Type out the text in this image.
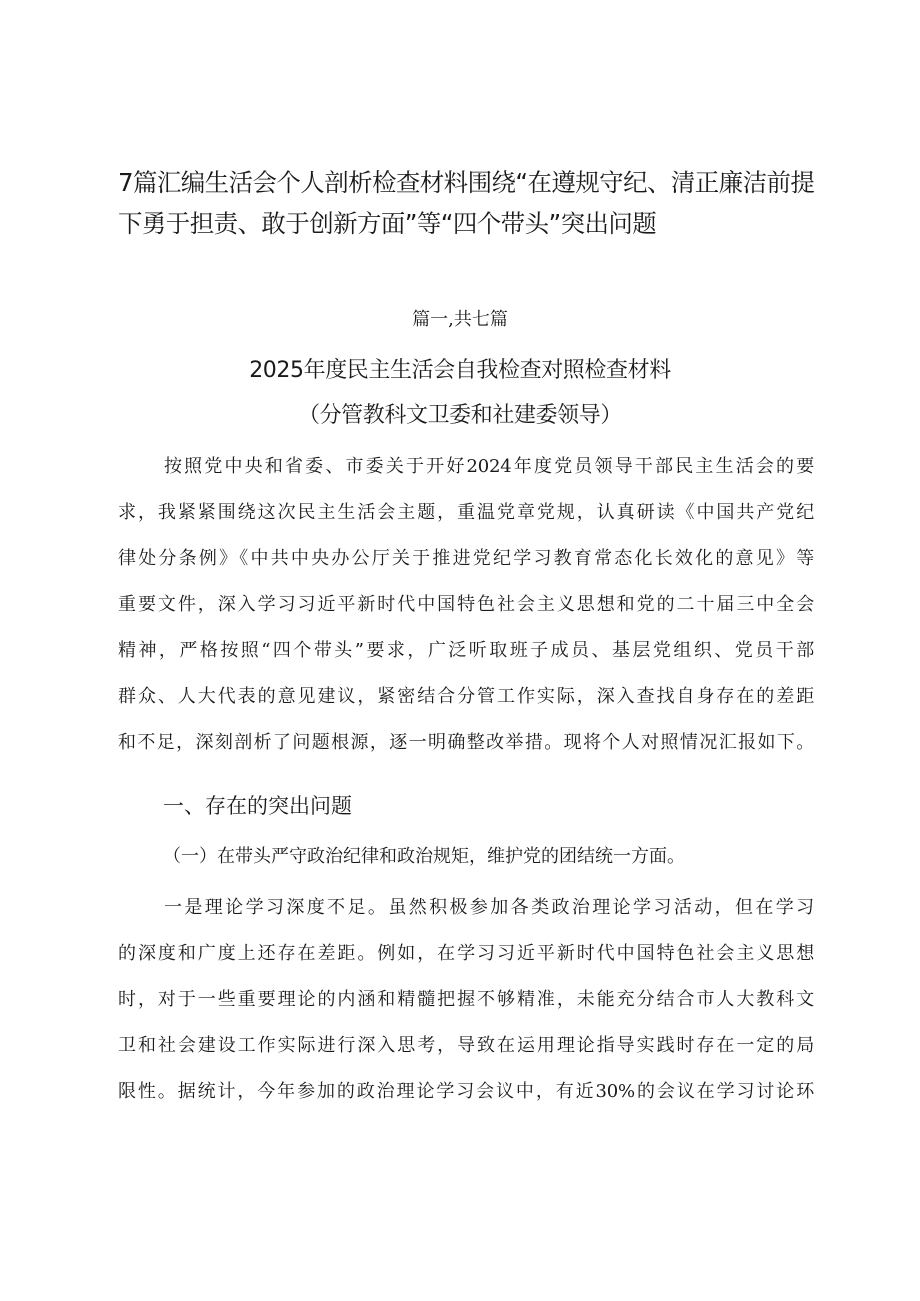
7篇汇编生活会个人剖析检查材料围绕“在遵规守纪、清正廉洁前提
下勇于担责、敢于创新方面”等“四个带头”突出问题
篇一,共七篇
2025年度民主生活会自我检查对照检查材料
（分管教科文卫委和社建委领导）
按照党中央和省委、市委关于开好2024年度党员领导干部民主生活会的要
求，我紧紧围绕这次民主生活会主题，重温党章党规，认真研读《中国共产党纪
律处分条例》《中共中央办公厅关于推进党纪学习教育常态化长效化的意见》等
重要文件，深入学习习近平新时代中国特色社会主义思想和党的二十届三中全会
精神，严格按照“四个带头”要求，广泛听取班子成员、基层党组织、党员干部
群众、人大代表的意见建议，紧密结合分管工作实际，深入查找自身存在的差距
和不足，深刻剖析了问题根源，逐一明确整改举措。现将个人对照情况汇报如下。
一、存在的突出问题
（一）在带头严守政治纪律和政治规矩，维护党的团结统一方面。
一是理论学习深度不足。虽然积极参加各类政治理论学习活动，但在学习
的深度和广度上还存在差距。例如，在学习习近平新时代中国特色社会主义思想
时，对于一些重要理论的内涵和精髓把握不够精准，未能充分结合市人大教科文
卫和社会建设工作实际进行深入思考，导致在运用理论指导实践时存在一定的局
限性。据统计，今年参加的政治理论学习会议中，有近30%的会议在学习讨论环
